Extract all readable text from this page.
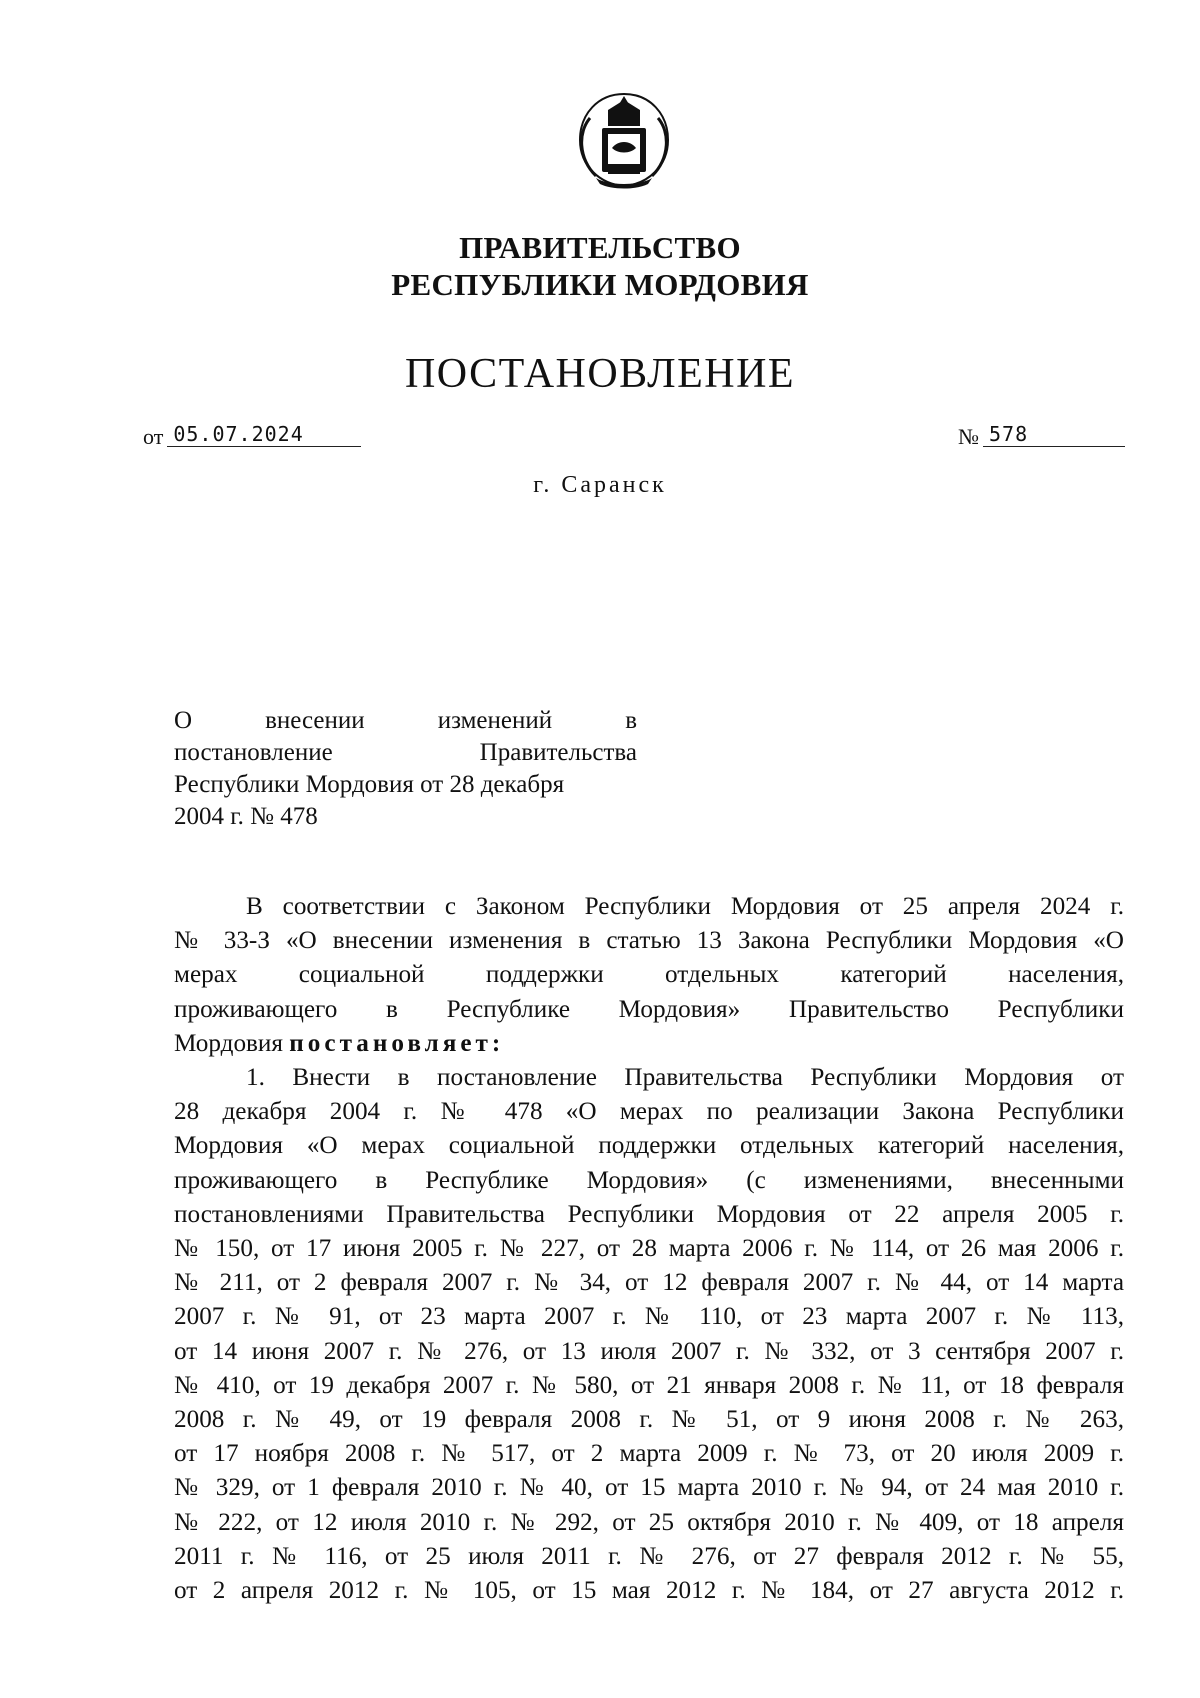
ПРАВИТЕЛЬСТВО
РЕСПУБЛИКИ МОРДОВИЯ
ПОСТАНОВЛЕНИЕ
от 05.07.2024	№ 578
г. Саранск
О внесении изменений в
постановление Правительства
Республики Мордовия от 28 декабря
2004 г. № 478
В соответствии с Законом Республики Мордовия от 25 апреля 2024 г.
№ 33-З «О внесении изменения в статью 13 Закона Республики Мордовия «О
мерах социальной поддержки отдельных категорий населения,
проживающего в Республике Мордовия» Правительство Республики
Мордовия постановляет:
1. Внести в постановление Правительства Республики Мордовия от
28 декабря 2004 г. № 478 «О мерах по реализации Закона Республики
Мордовия «О мерах социальной поддержки отдельных категорий населения,
проживающего в Республике Мордовия» (с изменениями, внесенными
постановлениями Правительства Республики Мордовия от 22 апреля 2005 г.
№ 150, от 17 июня 2005 г. № 227, от 28 марта 2006 г. № 114, от 26 мая 2006 г.
№ 211, от 2 февраля 2007 г. № 34, от 12 февраля 2007 г. № 44, от 14 марта
2007 г. № 91, от 23 марта 2007 г. № 110, от 23 марта 2007 г. № 113,
от 14 июня 2007 г. № 276, от 13 июля 2007 г. № 332, от 3 сентября 2007 г.
№ 410, от 19 декабря 2007 г. № 580, от 21 января 2008 г. № 11, от 18 февраля
2008 г. № 49, от 19 февраля 2008 г. № 51, от 9 июня 2008 г. № 263,
от 17 ноября 2008 г. № 517, от 2 марта 2009 г. № 73, от 20 июля 2009 г.
№ 329, от 1 февраля 2010 г. № 40, от 15 марта 2010 г. № 94, от 24 мая 2010 г.
№ 222, от 12 июля 2010 г. № 292, от 25 октября 2010 г. № 409, от 18 апреля
2011 г. № 116, от 25 июля 2011 г. № 276, от 27 февраля 2012 г. № 55,
от 2 апреля 2012 г. № 105, от 15 мая 2012 г. № 184, от 27 августа 2012 г.
